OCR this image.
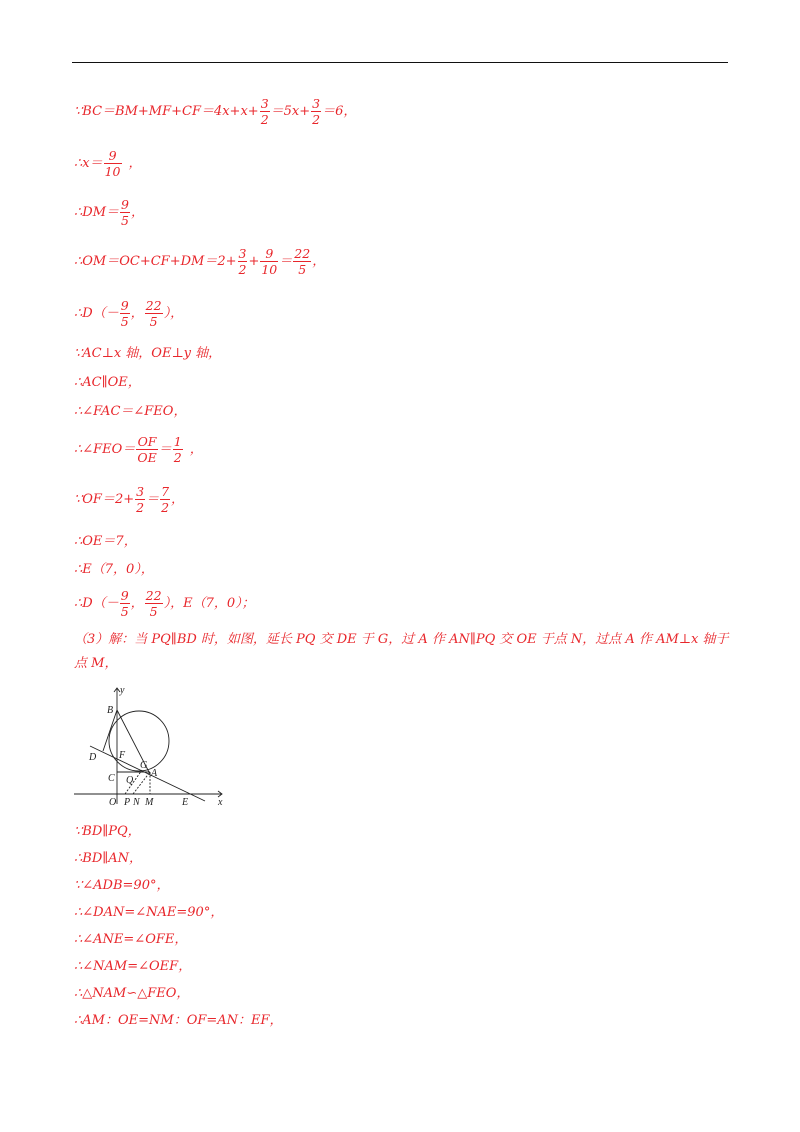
∵BC＝BM+MF+CF＝4x+x+ $\frac{3}{2} =5x+ \frac{3}{2} =6$，
∴x＝ $\frac{9}{10}$ ，
∴DM＝ $\frac{9}{5}$ ，
∴OM＝OC+CF+DM＝2+ $\frac{3}{2} + \frac{9}{10} = \frac{22}{5}$ ，
∴D（－ $\frac{9}{5}$ ， $\frac{22}{5}$ ），
∵AC⊥x 轴，OE⊥y 轴，
∴AC∥OE，
∴∠FAC＝∠FEO，
∴∠FEO＝ $\frac{OF}{OE} = \frac{1}{2}$ ，
∵OF＝2+ $\frac{3}{2} = \frac{7}{2}$ ，
∴OE＝7，
∴E（7，0），
∴D（－ $\frac{9}{5}$ ， $\frac{22}{5}$ ），E（7，0）；
（3）解：当 PQ∥BD 时，如图，延长 PQ 交 DE 于 G，过 A 作 AN∥PQ 交 OE 于点 N，过点 A 作 AM⊥x 轴于点 M，
y
x
B
F
D
C
G
A
Q
O P N M	E
∵BD∥PQ，
∴BD∥AN，
∵∠ADB=90°，
∴∠DAN=∠NAE=90°，
∴∠ANE=∠OFE，
∴∠NAM=∠OEF，
∴△NAM∽△FEO，
∴AM：OE=NM：OF=AN：EF，
